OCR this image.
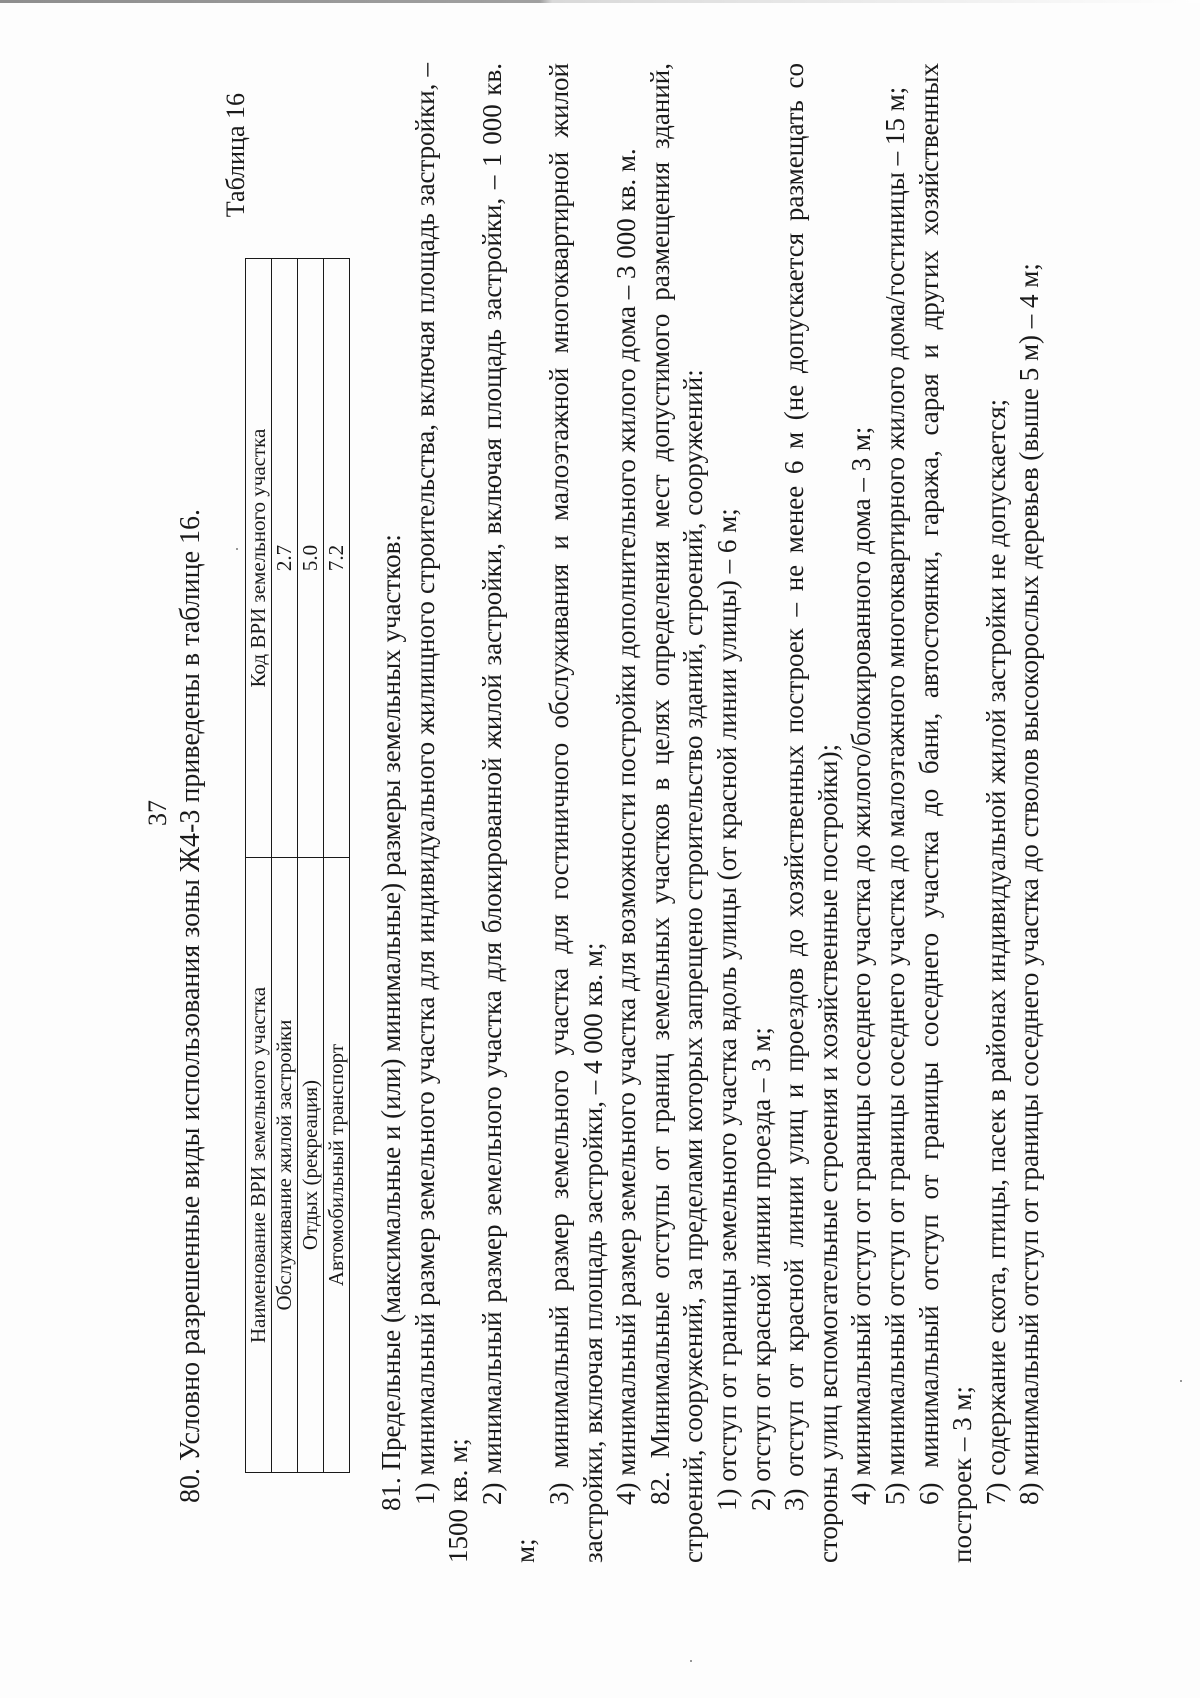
37 80. Условно разрешенные виды использования зоны Ж4-3 приведены в таблице 16.
Таблица 16
Наименование ВРИ земельного участка	Код ВРИ земельного участка
Обслуживание жилой застройки	2.7
Отдых (рекреация)	5.0
Автомобильный транспорт	7.2 81. Предельные (максимальные и (или) минимальные) размеры земельных участков: 1) минимальный размер земельного участка для индивидуального жилищного строительства, включая площадь застройки, – 1500 кв. м; 2) минимальный размер земельного участка для блокированной жилой застройки, включая площадь застройки, – 1 000 кв. м;

3) минимальный размер земельного участка для гостиничного обслуживания и малоэтажной многоквартирной жилой застройки, включая площадь застройки, – 4 000 кв. м; 4) минимальный размер земельного участка для возможности постройки дополнительного жилого дома – 3 000 кв. м. 82. Минимальные отступы от границ земельных участков в целях определения мест допустимого размещения зданий, строений, сооружений, за пределами которых запрещено строительство зданий, строений, сооружений: 1) отступ от границы земельного участка вдоль улицы (от красной линии улицы) – 6 м; 2) отступ от красной линии проезда – 3 м; 3) отступ от красной линии улиц и проездов до хозяйственных построек – не менее 6 м (не допускается размещать со стороны улиц вспомогательные строения и хозяйственные постройки); 4) минимальный отступ от границы соседнего участка до жилого/блокированного дома – 3 м; 5) минимальный отступ от границы соседнего участка до малоэтажного многоквартирного жилого дома/гостиницы – 15 м; 6) минимальный отступ от границы соседнего участка до бани, автостоянки, гаража, сарая и других хозяйственных построек – 3 м; 7) содержание скота, птицы, пасек в районах индивидуальной жилой застройки не допускается; 8) минимальный отступ от границы соседнего участка до стволов высокорослых деревьев (выше 5 м) – 4 м;
